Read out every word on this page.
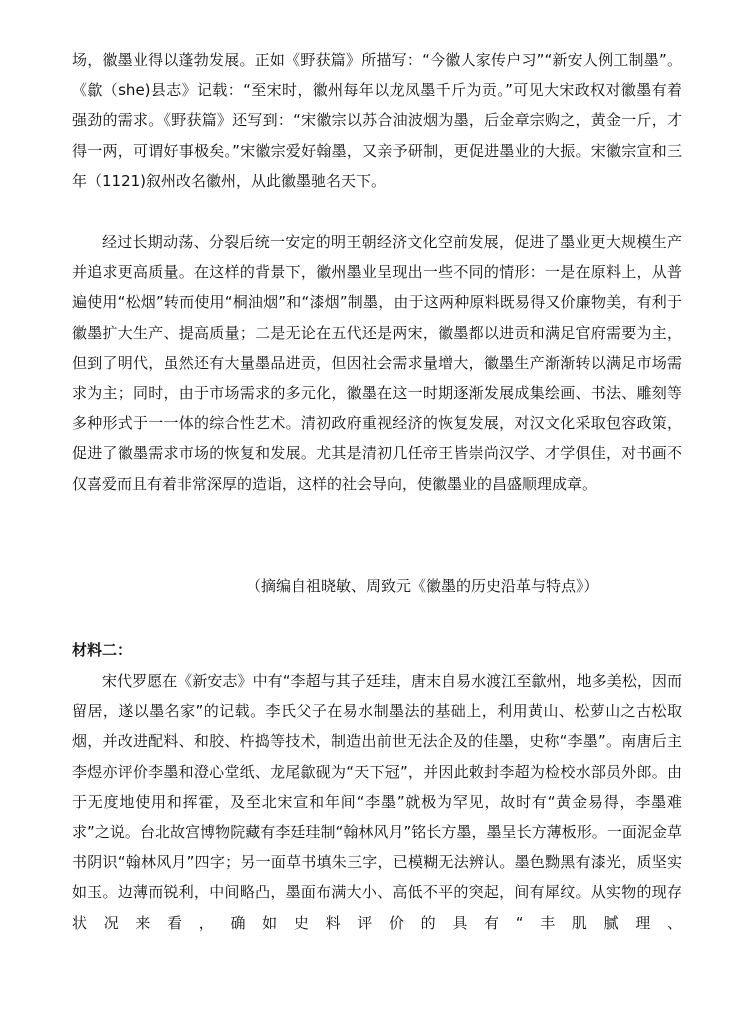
场，徽墨业得以蓬勃发展。正如《野获篇》所描写：“今徽人家传户习”“新安人例工制墨”。《歙（she)县志》记载：“至宋时，徽州每年以龙凤墨千斤为贡。”可见大宋政权对徽墨有着强劲的需求。《野获篇》还写到：“宋徽宗以苏合油波烟为墨，后金章宗购之，黄金一斤，才得一两，可谓好事极矣。”宋徽宗爱好翰墨，又亲予研制，更促进墨业的大振。宋徽宗宣和三年（1121)叙州改名徽州，从此徽墨驰名天下。

经过长期动荡、分裂后统一安定的明王朝经济文化空前发展，促进了墨业更大规模生产并追求更高质量。在这样的背景下，徽州墨业呈现出一些不同的情形：一是在原料上，从普遍使用“松烟”转而使用“桐油烟”和“漆烟”制墨，由于这两种原料既易得又价廉物美，有利于徽墨扩大生产、提高质量；二是无论在五代还是两宋，徽墨都以进贡和满足官府需要为主，但到了明代，虽然还有大量墨品进贡，但因社会需求量增大，徽墨生产渐渐转以满足市场需求为主；同时，由于市场需求的多元化，徽墨在这一时期逐渐发展成集绘画、书法、雕刻等多种形式于一一体的综合性艺术。清初政府重视经济的恢复发展，对汉文化采取包容政策，促进了徽墨需求市场的恢复和发展。尤其是清初几任帝王皆崇尚汉学、才学俱佳，对书画不仅喜爱而且有着非常深厚的造诣，这样的社会导向，使徽墨业的昌盛顺理成章。

（摘编自祖晓敏、周致元《徽墨的历史沿革与特点》）
材料二：

宋代罗愿在《新安志》中有“李超与其子廷珪，唐末自易水渡江至歙州，地多美松，因而留居，遂以墨名家”的记载。李氏父子在易水制墨法的基础上，利用黄山、松萝山之古松取烟，并改进配料、和胶、杵捣等技术，制造出前世无法企及的佳墨，史称“李墨”。南唐后主李煜亦评价李墨和澄心堂纸、龙尾歙砚为“天下冠”，并因此敕封李超为检校水部员外郎。由于无度地使用和挥霍，及至北宋宣和年间“李墨”就极为罕见，故时有“黄金易得，李墨难求”之说。台北故宫博物院藏有李廷珪制“翰林风月”铭长方墨，墨呈长方薄板形。一面泥金草书阴识“翰林风月”四字；另一面草书填朱三字，已模糊无法辨认。墨色黝黑有漆光，质坚实如玉。边薄而锐利，中间略凸，墨面布满大小、高低不平的突起，间有犀纹。从实物的现存状况来看，确如史料评价的具有“丰肌腻理、
